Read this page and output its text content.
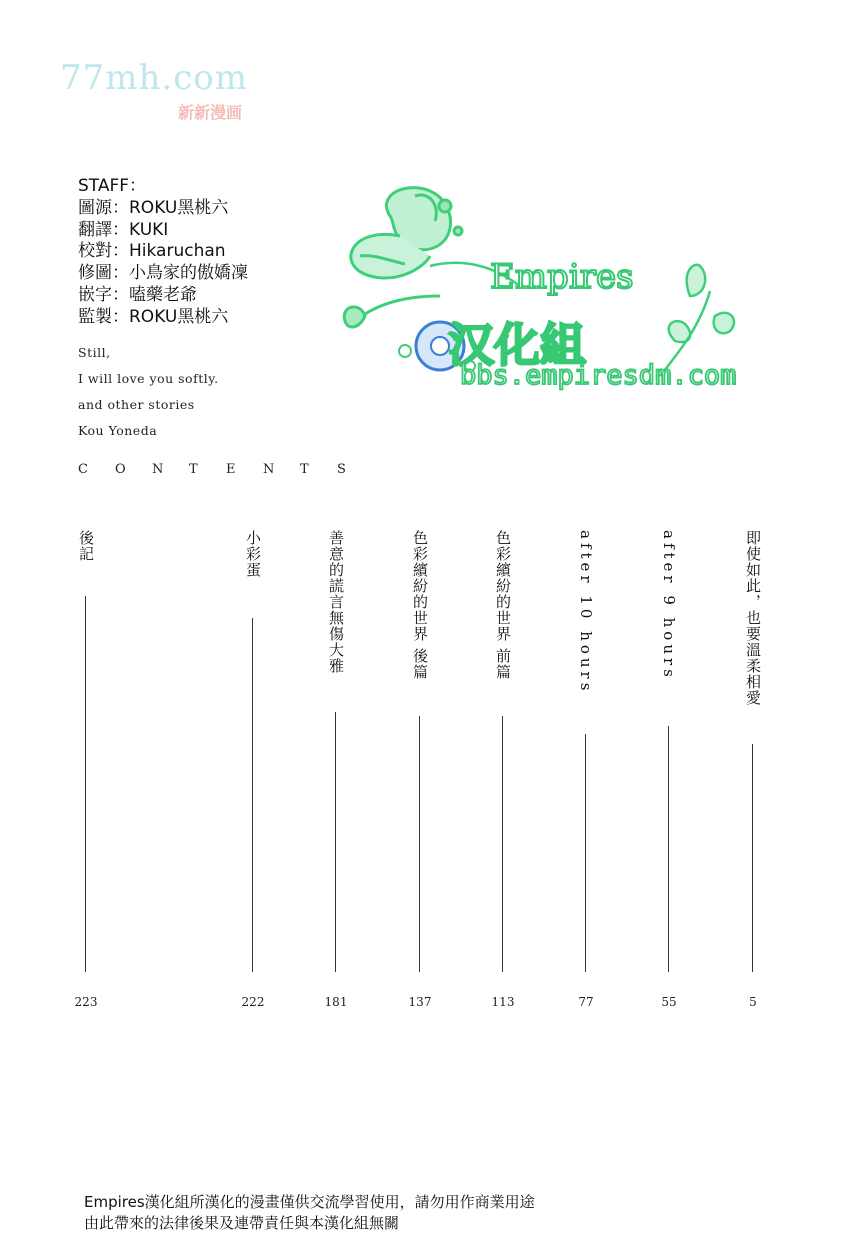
77mh.com
新新漫画
STAFF：
圖源：ROKU黑桃六
翻譯：KUKI
校對：Hikaruchan
修圖：小鳥家的傲嬌凜
嵌字：嗑藥老爺
監製：ROKU黑桃六
Empires
汉化組
bbs.empiresdm.com
Still,
I will love you softly.
and other stories
Kou Yoneda
C O N T E N T S
後記
223
小彩蛋
222
善意的謊言無傷大雅
181
色彩繽紛的世界 後篇
137
色彩繽紛的世界 前篇
113
after 10 hours
77
after 9 hours
55
即使如此，也要溫柔相愛
5
Empires漢化組所漢化的漫畫僅供交流學習使用，請勿用作商業用途
由此帶來的法律後果及連帶責任與本漢化組無關
